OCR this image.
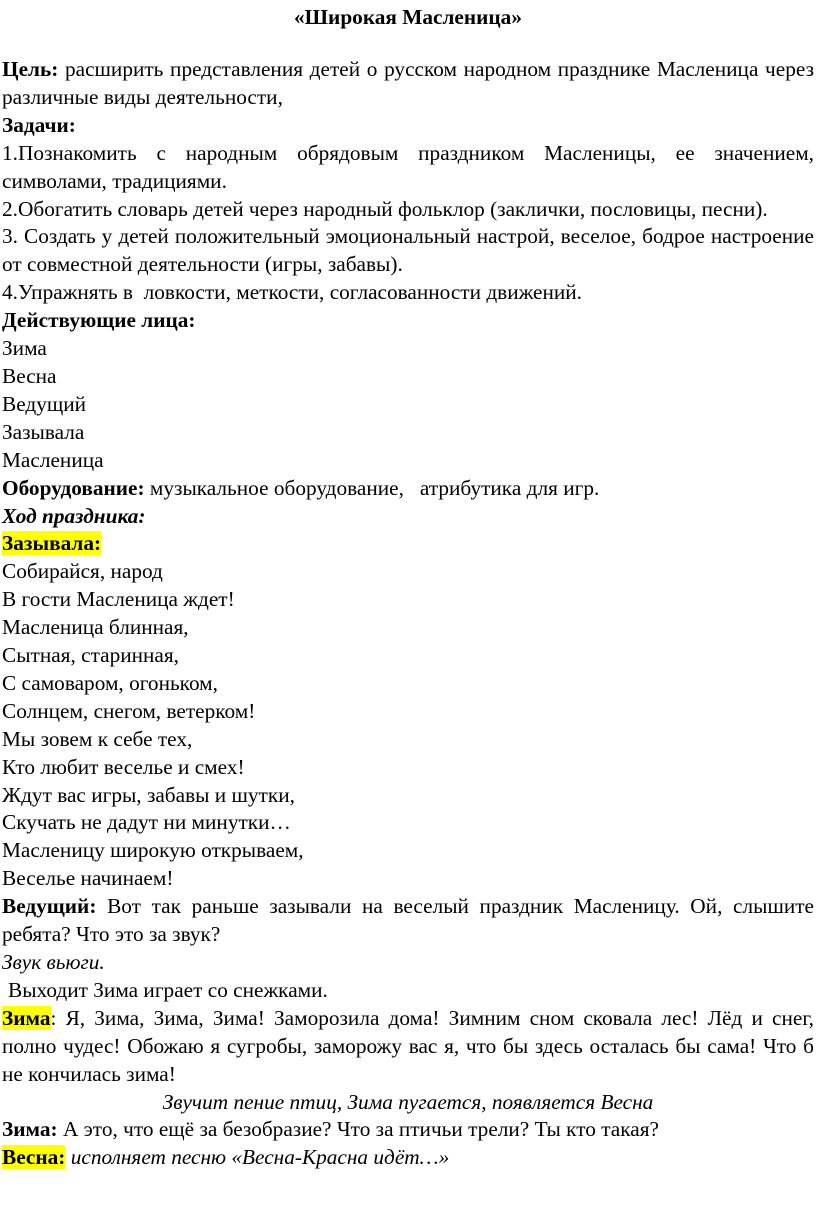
«Широкая Масленица»

Цель: расширить представления детей о русском народном празднике Масленица через различные виды деятельности,

Задачи:

1.Познакомить с народным обрядовым праздником Масленицы, ее значением, символами, традициями.

2.Обогатить словарь детей через народный фольклор (заклички, пословицы, песни).

3. Создать у детей положительный эмоциональный настрой, веселое, бодрое настроение от совместной деятельности (игры, забавы).

4.Упражнять в  ловкости, меткости, согласованности движений.

Действующие лица:

Зима

Весна

Ведущий

Зазывала

Масленица

Оборудование: музыкальное оборудование,   атрибутика для игр.

Ход праздника:

Зазывала:

Собирайся, народ

В гости Масленица ждет!

Масленица блинная,

Сытная, старинная,

С самоваром, огоньком,

Солнцем, снегом, ветерком!

Мы зовем к себе тех,

Кто любит веселье и смех!

Ждут вас игры, забавы и шутки,

Скучать не дадут ни минутки…

Масленицу широкую открываем,

Веселье начинаем!

Ведущий: Вот так раньше зазывали на веселый праздник Масленицу. Ой, слышите ребята? Что это за звук?

Звук вьюги.

Выходит Зима играет со снежками.

Зима: Я, Зима, Зима, Зима! Заморозила дома! Зимним сном сковала лес! Лёд и снег, полно чудес! Обожаю я сугробы, заморожу вас я, что бы здесь осталась бы сама! Что б не кончилась зима!

Звучит пение птиц, Зима пугается, появляется Весна

Зима: А это, что ещё за безобразие? Что за птичьи трели? Ты кто такая?

Весна: исполняет песню «Весна-Красна идёт…»
